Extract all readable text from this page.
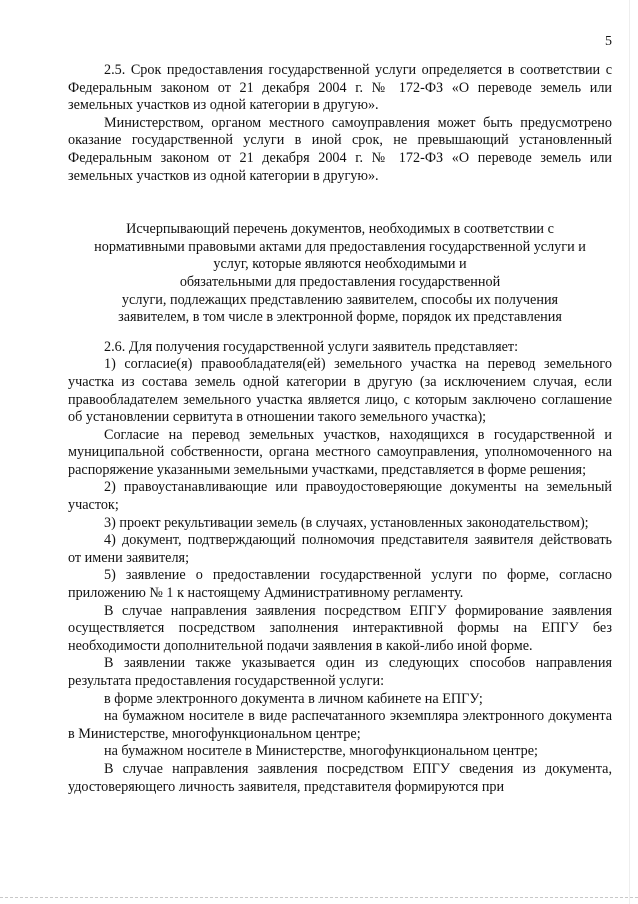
5

2.5. Срок предоставления государственной услуги определяется в соответствии с Федеральным законом от 21 декабря 2004 г. № 172-ФЗ «О переводе земель или земельных участков из одной категории в другую».

Министерством, органом местного самоуправления может быть предусмотрено оказание государственной услуги в иной срок, не превышающий установленный Федеральным законом от 21 декабря 2004 г. № 172-ФЗ «О переводе земель или земельных участков из одной категории в другую».

Исчерпывающий перечень документов, необходимых в соответствии с
нормативными правовыми актами для предоставления государственной услуги и
услуг, которые являются необходимыми и
обязательными для предоставления государственной
услуги, подлежащих представлению заявителем, способы их получения
заявителем, в том числе в электронной форме, порядок их представления

2.6. Для получения государственной услуги заявитель представляет:

1) согласие(я) правообладателя(ей) земельного участка на перевод земельного участка из состава земель одной категории в другую (за исключением случая, если правообладателем земельного участка является лицо, с которым заключено соглашение об установлении сервитута в отношении такого земельного участка);

Согласие на перевод земельных участков, находящихся в государственной и муниципальной собственности, органа местного самоуправления, уполномоченного на распоряжение указанными земельными участками, представляется в форме решения;

2) правоустанавливающие или правоудостоверяющие документы на земельный участок;

3) проект рекультивации земель (в случаях, установленных законодательством);

4) документ, подтверждающий полномочия представителя заявителя действовать от имени заявителя;

5) заявление о предоставлении государственной услуги по форме, согласно приложению № 1 к настоящему Административному регламенту.

В случае направления заявления посредством ЕПГУ формирование заявления осуществляется посредством заполнения интерактивной формы на ЕПГУ без необходимости дополнительной подачи заявления в какой-либо иной форме.

В заявлении также указывается один из следующих способов направления результата предоставления государственной услуги:

в форме электронного документа в личном кабинете на ЕПГУ;

на бумажном носителе в виде распечатанного экземпляра электронного документа в Министерстве, многофункциональном центре;

на бумажном носителе в Министерстве, многофункциональном центре;

В случае направления заявления посредством ЕПГУ сведения из документа, удостоверяющего личность заявителя, представителя формируются при
